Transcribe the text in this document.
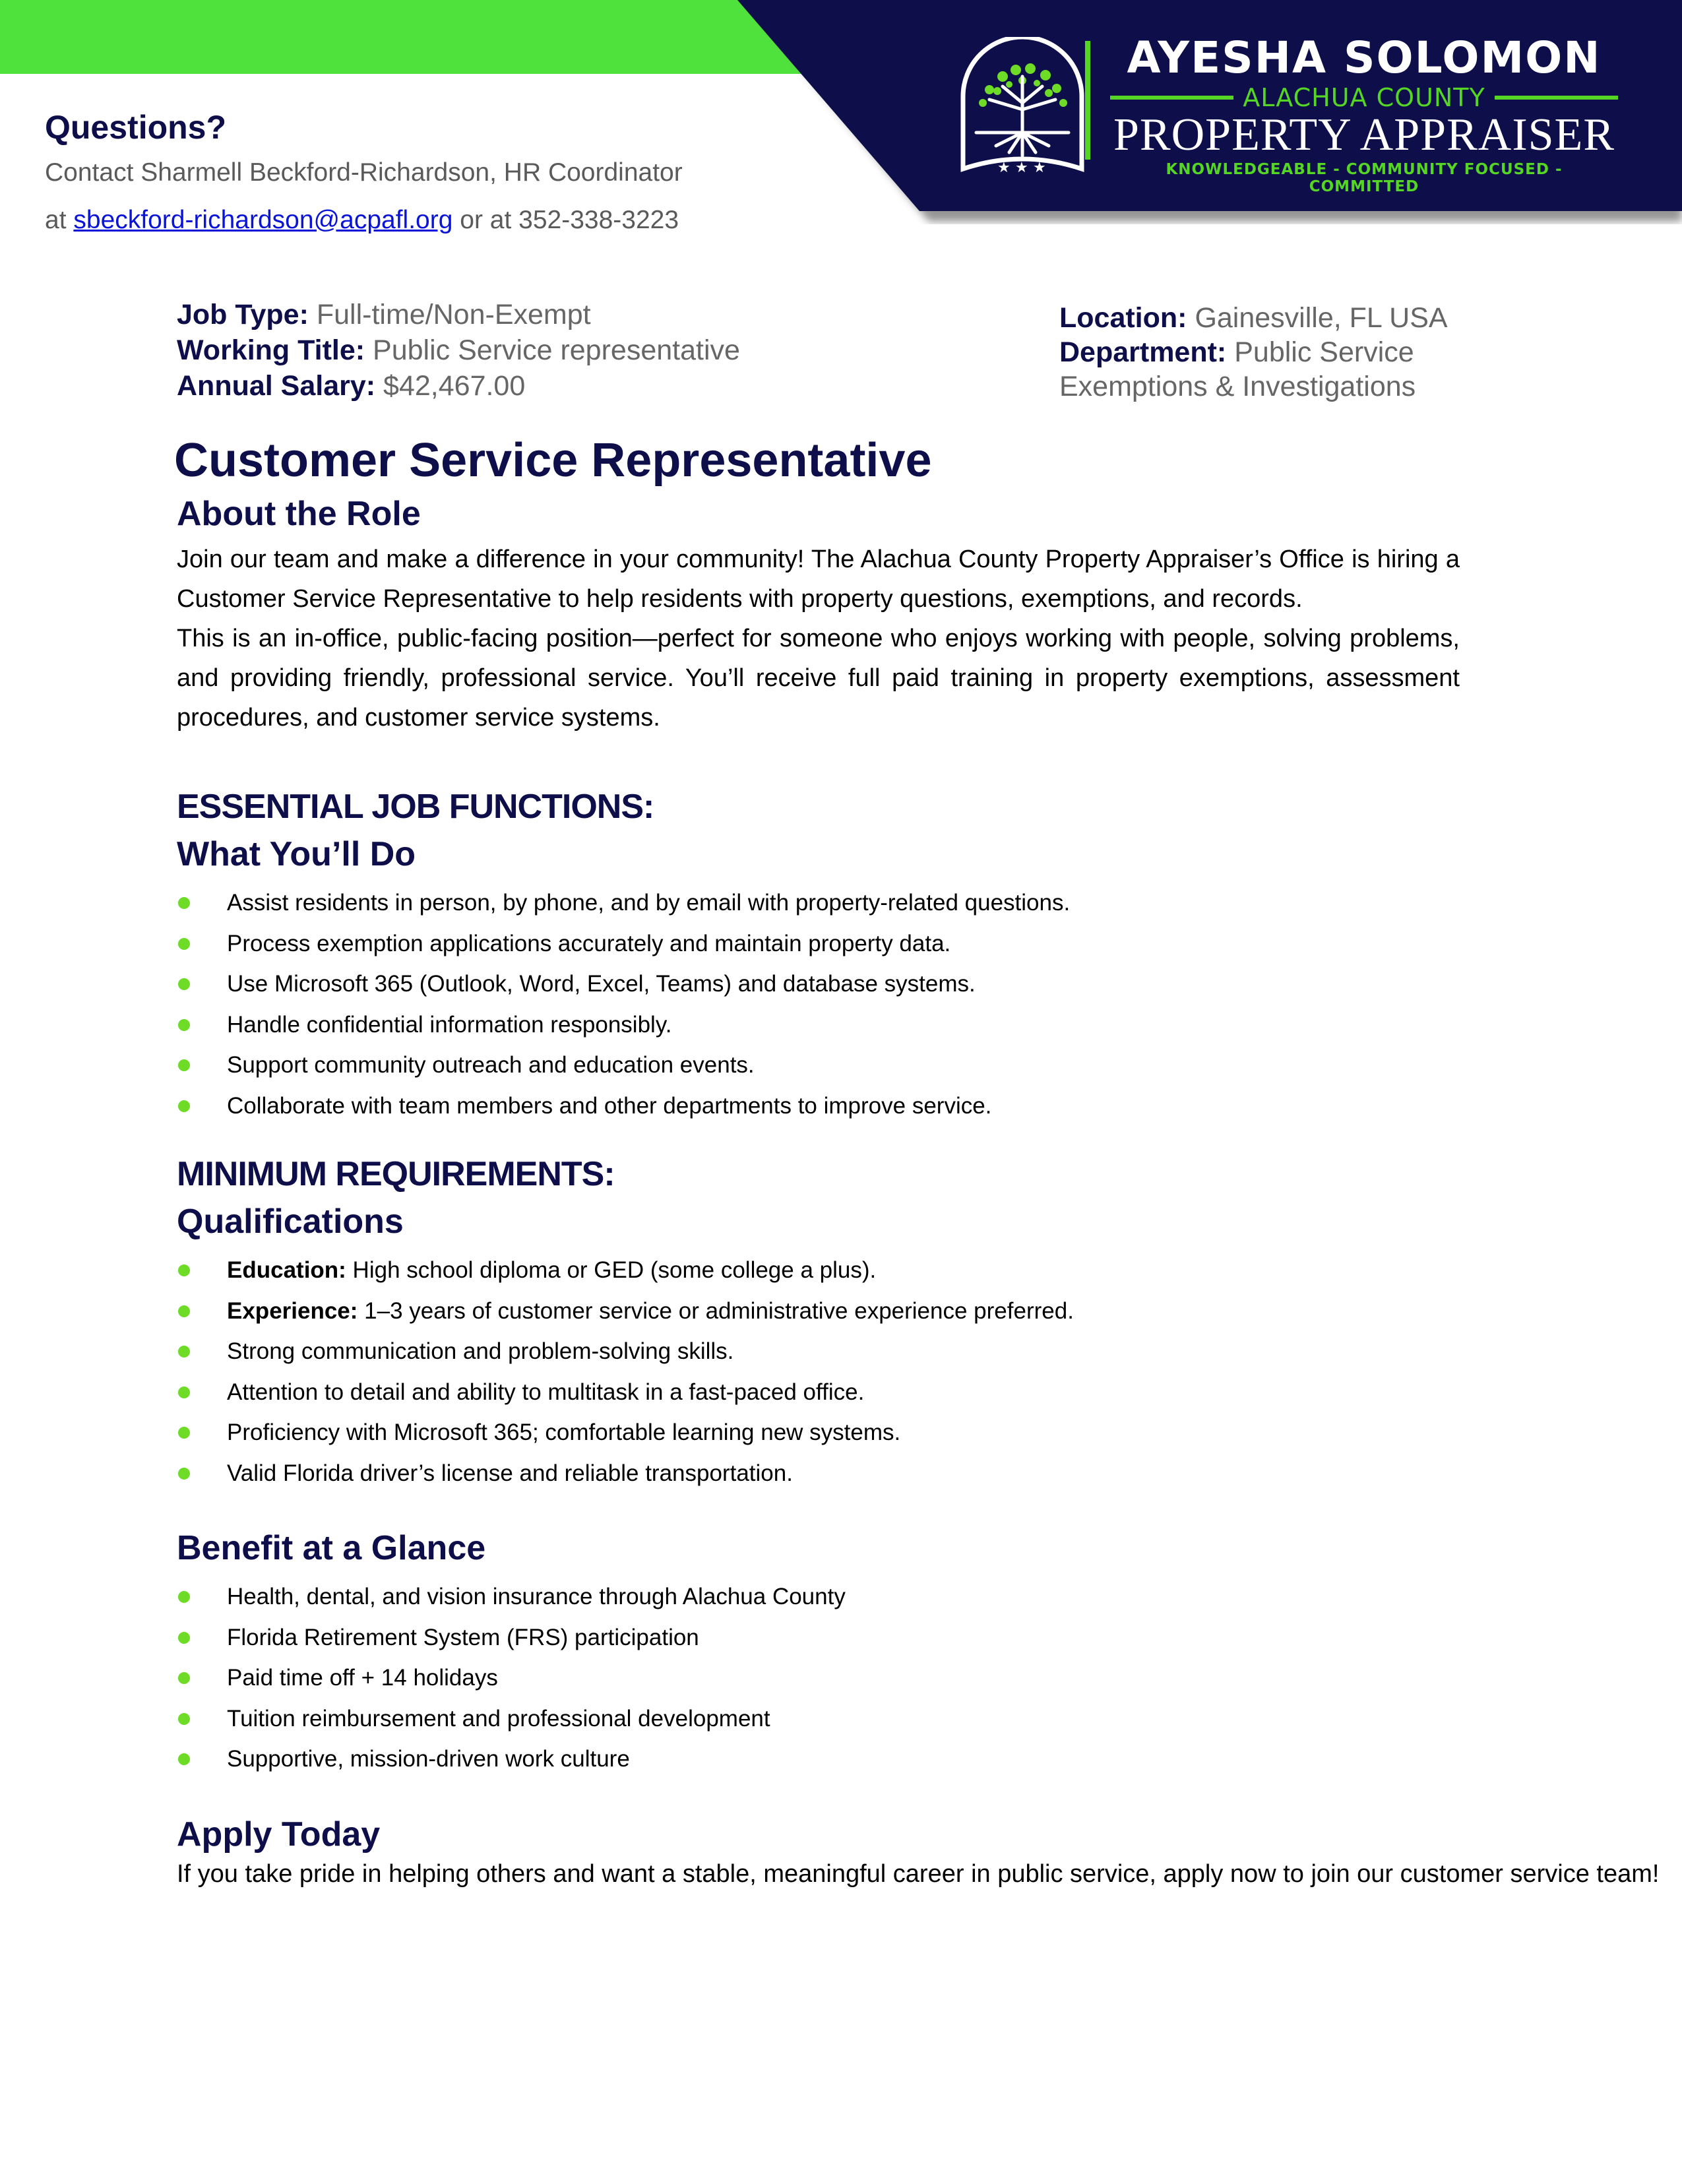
★ ★ ★
AYESHA SOLOMON
ALACHUA COUNTY
PROPERTY APPRAISER
KNOWLEDGEABLE - COMMUNITY FOCUSED - COMMITTED
Questions?
Contact Sharmell Beckford-Richardson, HR Coordinator
at sbeckford-richardson@acpafl.org or at 352-338-3223
Job Type: Full-time/Non-Exempt
Working Title: Public Service representative
Annual Salary: $42,467.00
Location: Gainesville, FL USA
Department: Public Service
Exemptions & Investigations
Customer Service Representative
About the Role

Join our team and make a difference in your community! The Alachua County Property Appraiser’s Office is hiring a Customer Service Representative to help residents with property questions, exemptions, and records.

This is an in-office, public-facing position—perfect for someone who enjoys working with people, solving problems, and providing friendly, professional service. You’ll receive full paid training in property exemptions, assessment procedures, and customer service systems.

ESSENTIAL JOB FUNCTIONS:
What You’ll Do
Assist residents in person, by phone, and by email with property-related questions.
Process exemption applications accurately and maintain property data.
Use Microsoft 365 (Outlook, Word, Excel, Teams) and database systems.
Handle confidential information responsibly.
Support community outreach and education events.
Collaborate with team members and other departments to improve service.
MINIMUM REQUIREMENTS:
Qualifications
Education: High school diploma or GED (some college a plus).
Experience: 1–3 years of customer service or administrative experience preferred.
Strong communication and problem-solving skills.
Attention to detail and ability to multitask in a fast-paced office.
Proficiency with Microsoft 365; comfortable learning new systems.
Valid Florida driver’s license and reliable transportation.
Benefit at a Glance
Health, dental, and vision insurance through Alachua County
Florida Retirement System (FRS) participation
Paid time off + 14 holidays
Tuition reimbursement and professional development
Supportive, mission-driven work culture
Apply Today
If you take pride in helping others and want a stable, meaningful career in public service, apply now to join our customer service team!
